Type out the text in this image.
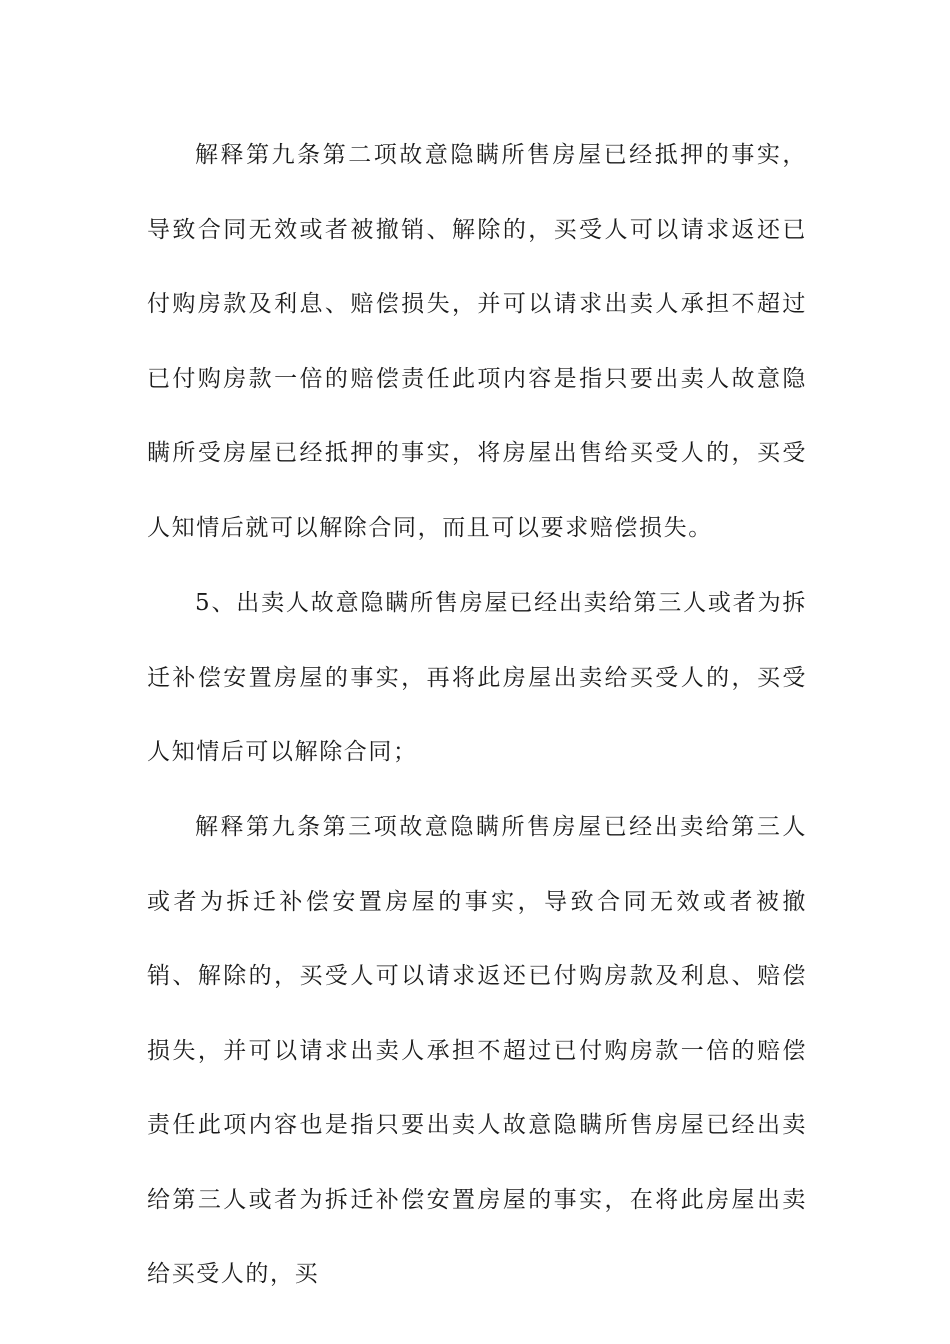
解释第九条第二项故意隐瞒所售房屋已经抵押的事实，导致合同无效或者被撤销、解除的，买受人可以请求返还已付购房款及利息、赔偿损失，并可以请求出卖人承担不超过已付购房款一倍的赔偿责任此项内容是指只要出卖人故意隐瞒所受房屋已经抵押的事实，将房屋出售给买受人的，买受人知情后就可以解除合同，而且可以要求赔偿损失。

5、出卖人故意隐瞒所售房屋已经出卖给第三人或者为拆迁补偿安置房屋的事实，再将此房屋出卖给买受人的，买受人知情后可以解除合同；

解释第九条第三项故意隐瞒所售房屋已经出卖给第三人或者为拆迁补偿安置房屋的事实，导致合同无效或者被撤销、解除的，买受人可以请求返还已付购房款及利息、赔偿损失，并可以请求出卖人承担不超过已付购房款一倍的赔偿责任此项内容也是指只要出卖人故意隐瞒所售房屋已经出卖给第三人或者为拆迁补偿安置房屋的事实，在将此房屋出卖给买受人的，买
